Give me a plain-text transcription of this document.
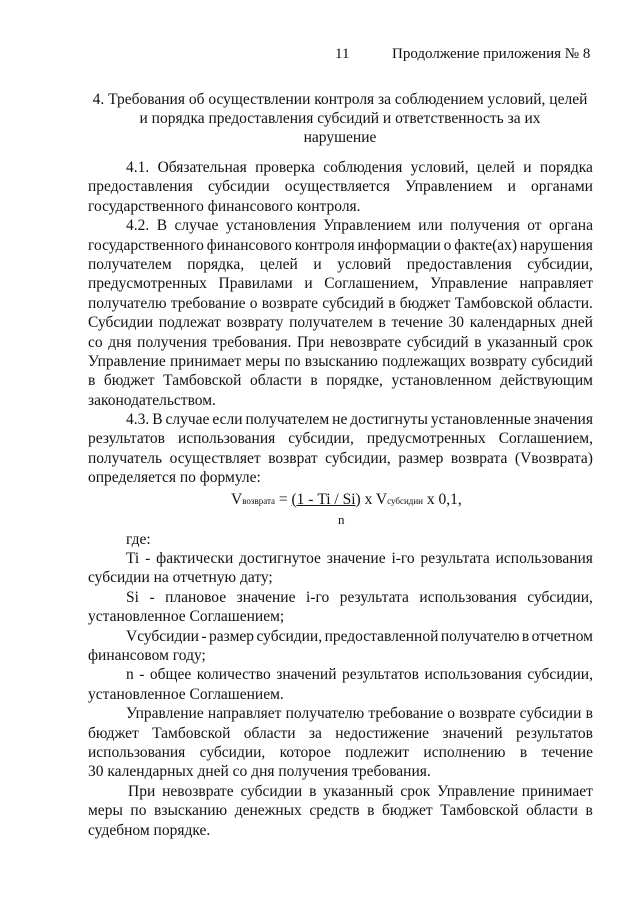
11	Продолжение приложения № 8
4. Требования об осуществлении контроля за соблюдением условий, целей
и порядка предоставления субсидий и ответственность за их
нарушение
4.1. Обязательная проверка соблюдения условий, целей и порядка
предоставления субсидии осуществляется Управлением и органами
государственного финансового контроля.
4.2. В случае установления Управлением или получения от органа
государственного финансового контроля информации о факте(ах) нарушения
получателем порядка, целей и условий предоставления субсидии,
предусмотренных Правилами и Соглашением, Управление направляет
получателю требование о возврате субсидий в бюджет Тамбовской области.
Субсидии подлежат возврату получателем в течение 30 календарных дней
со дня получения требования. При невозврате субсидий в указанный срок
Управление принимает меры по взысканию подлежащих возврату субсидий
в бюджет Тамбовской области в порядке, установленном действующим
законодательством.
4.3. В случае если получателем не достигнуты установленные значения
результатов использования субсидии, предусмотренных Соглашением,
получатель осуществляет возврат субсидии, размер возврата (Vвозврата)
определяется по формуле:
Vвозврата = (1 - Ti / Si) x Vсубсидии x 0,1,
n
где:
Ti - фактически достигнутое значение i-го результата использования
субсидии на отчетную дату;
Si - плановое значение i-го результата использования субсидии,
установленное Соглашением;
Vсубсидии - размер субсидии, предоставленной получателю в отчетном
финансовом году;
n - общее количество значений результатов использования субсидии,
установленное Соглашением.
Управление направляет получателю требование о возврате субсидии в
бюджет Тамбовской области за недостижение значений результатов
использования субсидии, которое подлежит исполнению в течение
30 календарных дней со дня получения требования.
При невозврате субсидии в указанный срок Управление принимает
меры по взысканию денежных средств в бюджет Тамбовской области в
судебном порядке.
